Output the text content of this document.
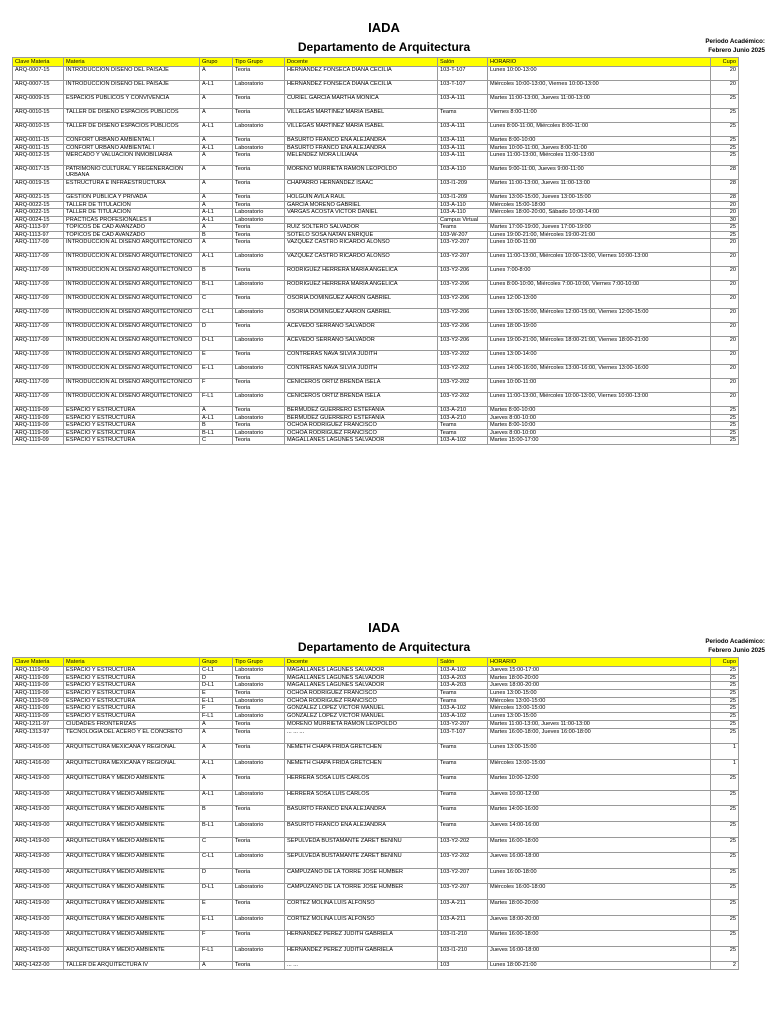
IADA
Departamento de Arquitectura	Periodo Académico:
Febrero Junio 2025
Clave Materia	Materia	Grupo	Tipo Grupo	Docente	Salón	HORARIO	Cupo
ARQ-0007-15	INTRODUCCION DISEÑO DEL PAISAJE	A	Teoria	HERNANDEZ FONSECA DIANA CECILIA	103-T-107	Lunes 10:00-13:00	20
ARQ-0007-15	INTRODUCCION DISEÑO DEL PAISAJE	A-L1	Laboratorio	HERNANDEZ FONSECA DIANA CECILIA	103-T-107	Miércoles 10:00-13:00, Viernes 10:00-13:00	20
ARQ-0009-15	ESPACIOS PUBLICOS Y CONVIVENCIA	A	Teoria	CURIEL GARCIA MARTHA MONICA	103-A-111	Martes 11:00-13:00, Jueves 11:00-13:00	25
ARQ-0010-15	TALLER DE DISEÑO ESPACIOS PUBLICOS	A	Teoria	VILLEGAS MARTINEZ MARIA ISABEL	Teams	Viernes 8:00-11:00	25
ARQ-0010-15	TALLER DE DISEÑO ESPACIOS PUBLICOS	A-L1	Laboratorio	VILLEGAS MARTINEZ MARIA ISABEL	103-A-111	Lunes 8:00-11:00, Miércoles 8:00-11:00	25
ARQ-0011-15	CONFORT URBANO AMBIENTAL I	A	Teoria	BASURTO FRANCO ENA ALEJANDRA	103-A-111	Martes 8:00-10:00	25
ARQ-0011-15	CONFORT URBANO AMBIENTAL I	A-L1	Laboratorio	BASURTO FRANCO ENA ALEJANDRA	103-A-111	Martes 10:00-11:00, Jueves 8:00-11:00	25
ARQ-0012-15	MERCADO Y VALUACION INMOBILIARIA	A	Teoria	MELENDEZ MORA LILIANA	103-A-111	Lunes 11:00-13:00, Miércoles 11:00-13:00	25
ARQ-0017-15	PATRIMONIO CULTURAL Y REGENERACION URBANA	A	Teoria	MORENO MURRIETA RAMON LEOPOLDO	103-A-110	Martes 9:00-11:00, Jueves 9:00-11:00	28
ARQ-0019-15	ESTRUCTURA E INFRAESTRUCTURA	A	Teoria	CHAPARRO HERNANDEZ ISAAC	103-I1-209	Martes 11:00-13:00, Jueves 11:00-13:00	28
ARQ-0021-15	GESTION PUBLICA Y PRIVADA	A	Teoria	HOLGUIN AVILA RAUL	103-I1-209	Martes 13:00-15:00, Jueves 13:00-15:00	28
ARQ-0022-15	TALLER DE TITULACION	A	Teoria	GARCIA MORENO GABRIEL	103-A-110	Miércoles 15:00-18:00	20
ARQ-0022-15	TALLER DE TITULACION	A-L1	Laboratorio	VARGAS ACOSTA VICTOR DANIEL	103-A-110	Miércoles 18:00-20:00, Sábado 10:00-14:00	20
ARQ-0024-15	PRACTICAS PROFESIONALES II	A-L1	Laboratorio		Campus Virtual		30
ARQ-1113-97	TOPICOS DE CAD AVANZADO	A	Teoria	RUIZ SOLTERO SALVADOR	Teams	Martes 17:00-19:00, Jueves 17:00-19:00	25
ARQ-1113-97	TOPICOS DE CAD AVANZADO	B	Teoria	SOTELO SOSA NATAN ENRIQUE	103-W-207	Lunes 19:00-21:00, Miércoles 19:00-21:00	25
ARQ-1117-09	INTRODUCCION AL DISEÑO ARQUITECTONICO	A	Teoria	VAZQUEZ CASTRO RICARDO ALONSO	103-Y2-207	Lunes 10:00-11:00	20
ARQ-1117-09	INTRODUCCION AL DISEÑO ARQUITECTONICO	A-L1	Laboratorio	VAZQUEZ CASTRO RICARDO ALONSO	103-Y2-207	Lunes 11:00-13:00, Miércoles 10:00-13:00, Viernes 10:00-13:00	20
ARQ-1117-09	INTRODUCCION AL DISEÑO ARQUITECTONICO	B	Teoria	RODRIGUEZ HERRERA MARIA ANGELICA	103-Y2-206	Lunes 7:00-8:00	20
ARQ-1117-09	INTRODUCCION AL DISEÑO ARQUITECTONICO	B-L1	Laboratorio	RODRIGUEZ HERRERA MARIA ANGELICA	103-Y2-206	Lunes 8:00-10:00, Miércoles 7:00-10:00, Viernes 7:00-10:00	20
ARQ-1117-09	INTRODUCCION AL DISEÑO ARQUITECTONICO	C	Teoria	OSORIA DOMINGUEZ AARON GABRIEL	103-Y2-206	Lunes 12:00-13:00	20
ARQ-1117-09	INTRODUCCION AL DISEÑO ARQUITECTONICO	C-L1	Laboratorio	OSORIA DOMINGUEZ AARON GABRIEL	103-Y2-206	Lunes 13:00-15:00, Miércoles 12:00-15:00, Viernes 12:00-15:00	20
ARQ-1117-09	INTRODUCCION AL DISEÑO ARQUITECTONICO	D	Teoria	ACEVEDO SERRANO SALVADOR	103-Y2-206	Lunes 18:00-19:00	20
ARQ-1117-09	INTRODUCCION AL DISEÑO ARQUITECTONICO	D-L1	Laboratorio	ACEVEDO SERRANO SALVADOR	103-Y2-206	Lunes 19:00-21:00, Miércoles 18:00-21:00, Viernes 18:00-21:00	20
ARQ-1117-09	INTRODUCCION AL DISEÑO ARQUITECTONICO	E	Teoria	CONTRERAS NAVA SILVIA JUDITH	103-Y2-202	Lunes 13:00-14:00	20
ARQ-1117-09	INTRODUCCION AL DISEÑO ARQUITECTONICO	E-L1	Laboratorio	CONTRERAS NAVA SILVIA JUDITH	103-Y2-202	Lunes 14:00-16:00, Miércoles 13:00-16:00, Viernes 13:00-16:00	20
ARQ-1117-09	INTRODUCCION AL DISEÑO ARQUITECTONICO	F	Teoria	CENICEROS ORTIZ BRENDA ISELA	103-Y2-202	Lunes 10:00-11:00	20
ARQ-1117-09	INTRODUCCION AL DISEÑO ARQUITECTONICO	F-L1	Laboratorio	CENICEROS ORTIZ BRENDA ISELA	103-Y2-202	Lunes 11:00-13:00, Miércoles 10:00-13:00, Viernes 10:00-13:00	20
ARQ-1119-09	ESPACIO Y ESTRUCTURA	A	Teoria	BERMUDEZ GUERRERO ESTEFANIA	103-A-210	Martes 8:00-10:00	25
ARQ-1119-09	ESPACIO Y ESTRUCTURA	A-L1	Laboratorio	BERMUDEZ GUERRERO ESTEFANIA	103-A-210	Jueves 8:00-10:00	25
ARQ-1119-09	ESPACIO Y ESTRUCTURA	B	Teoria	OCHOA RODRIGUEZ FRANCISCO	Teams	Martes 8:00-10:00	25
ARQ-1119-09	ESPACIO Y ESTRUCTURA	B-L1	Laboratorio	OCHOA RODRIGUEZ FRANCISCO	Teams	Jueves 8:00-10:00	25
ARQ-1119-09	ESPACIO Y ESTRUCTURA	C	Teoria	MAGALLANES LAGUNES SALVADOR	103-A-102	Martes 15:00-17:00	25
IADA
Departamento de Arquitectura	Periodo Académico:
Febrero Junio 2025
Clave Materia	Materia	Grupo	Tipo Grupo	Docente	Salón	HORARIO	Cupo
ARQ-1119-09	ESPACIO Y ESTRUCTURA	C-L1	Laboratorio	MAGALLANES LAGUNES SALVADOR	103-A-102	Jueves 15:00-17:00	25
ARQ-1119-09	ESPACIO Y ESTRUCTURA	D	Teoria	MAGALLANES LAGUNES SALVADOR	103-A-203	Martes 18:00-20:00	25
ARQ-1119-09	ESPACIO Y ESTRUCTURA	D-L1	Laboratorio	MAGALLANES LAGUNES SALVADOR	103-A-203	Jueves 18:00-20:00	25
ARQ-1119-09	ESPACIO Y ESTRUCTURA	E	Teoria	OCHOA RODRIGUEZ FRANCISCO	Teams	Lunes 13:00-15:00	25
ARQ-1119-09	ESPACIO Y ESTRUCTURA	E-L1	Laboratorio	OCHOA RODRIGUEZ FRANCISCO	Teams	Miércoles 13:00-15:00	25
ARQ-1119-09	ESPACIO Y ESTRUCTURA	F	Teoria	GONZALEZ LOPEZ VICTOR MANUEL	103-A-102	Miércoles 13:00-15:00	25
ARQ-1119-09	ESPACIO Y ESTRUCTURA	F-L1	Laboratorio	GONZALEZ LOPEZ VICTOR MANUEL	103-A-102	Lunes 13:00-15:00	25
ARQ-1211-97	CIUDADES FRONTERIZAS	A	Teoria	MORENO MURRIETA RAMON LEOPOLDO	103-Y2-207	Martes 11:00-13:00, Jueves 11:00-13:00	25
ARQ-1313-97	TECNOLOGIA DEL ACERO Y EL CONCRETO	A	Teoria	... ... ...	103-T-107	Martes 16:00-18:00, Jueves 16:00-18:00	25
ARQ-1416-00	ARQUITECTURA MEXICANA Y REGIONAL	A	Teoria	NEMETH CHAPA FRIDA GRETCHEN	Teams	Lunes 13:00-15:00	1
ARQ-1416-00	ARQUITECTURA MEXICANA Y REGIONAL	A-L1	Laboratorio	NEMETH CHAPA FRIDA GRETCHEN	Teams	Miércoles 13:00-15:00	1
ARQ-1419-00	ARQUITECTURA Y MEDIO AMBIENTE	A	Teoria	HERRERA SOSA LUIS CARLOS	Teams	Martes 10:00-12:00	25
ARQ-1419-00	ARQUITECTURA Y MEDIO AMBIENTE	A-L1	Laboratorio	HERRERA SOSA LUIS CARLOS	Teams	Jueves 10:00-12:00	25
ARQ-1419-00	ARQUITECTURA Y MEDIO AMBIENTE	B	Teoria	BASURTO FRANCO ENA ALEJANDRA	Teams	Martes 14:00-16:00	25
ARQ-1419-00	ARQUITECTURA Y MEDIO AMBIENTE	B-L1	Laboratorio	BASURTO FRANCO ENA ALEJANDRA	Teams	Jueves 14:00-16:00	25
ARQ-1419-00	ARQUITECTURA Y MEDIO AMBIENTE	C	Teoria	SEPULVEDA BUSTAMANTE ZARET BENINU	103-Y2-202	Martes 16:00-18:00	25
ARQ-1419-00	ARQUITECTURA Y MEDIO AMBIENTE	C-L1	Laboratorio	SEPULVEDA BUSTAMANTE ZARET BENINU	103-Y2-202	Jueves 16:00-18:00	25
ARQ-1419-00	ARQUITECTURA Y MEDIO AMBIENTE	D	Teoria	CAMPUZANO DE LA TORRE JOSE HUMBER	103-Y2-207	Lunes 16:00-18:00	25
ARQ-1419-00	ARQUITECTURA Y MEDIO AMBIENTE	D-L1	Laboratorio	CAMPUZANO DE LA TORRE JOSE HUMBER	103-Y2-207	Miércoles 16:00-18:00	25
ARQ-1419-00	ARQUITECTURA Y MEDIO AMBIENTE	E	Teoria	CORTEZ MOLINA LUIS ALFONSO	103-A-211	Martes 18:00-20:00	25
ARQ-1419-00	ARQUITECTURA Y MEDIO AMBIENTE	E-L1	Laboratorio	CORTEZ MOLINA LUIS ALFONSO	103-A-211	Jueves 18:00-20:00	25
ARQ-1419-00	ARQUITECTURA Y MEDIO AMBIENTE	F	Teoria	HERNANDEZ PEREZ JUDITH GABRIELA	103-I1-210	Martes 16:00-18:00	25
ARQ-1419-00	ARQUITECTURA Y MEDIO AMBIENTE	F-L1	Laboratorio	HERNANDEZ PEREZ JUDITH GABRIELA	103-I1-210	Jueves 16:00-18:00	25
ARQ-1422-00	TALLER DE ARQUITECTURA IV	A	Teoria	... ...	103	Lunes 18:00-21:00	2
